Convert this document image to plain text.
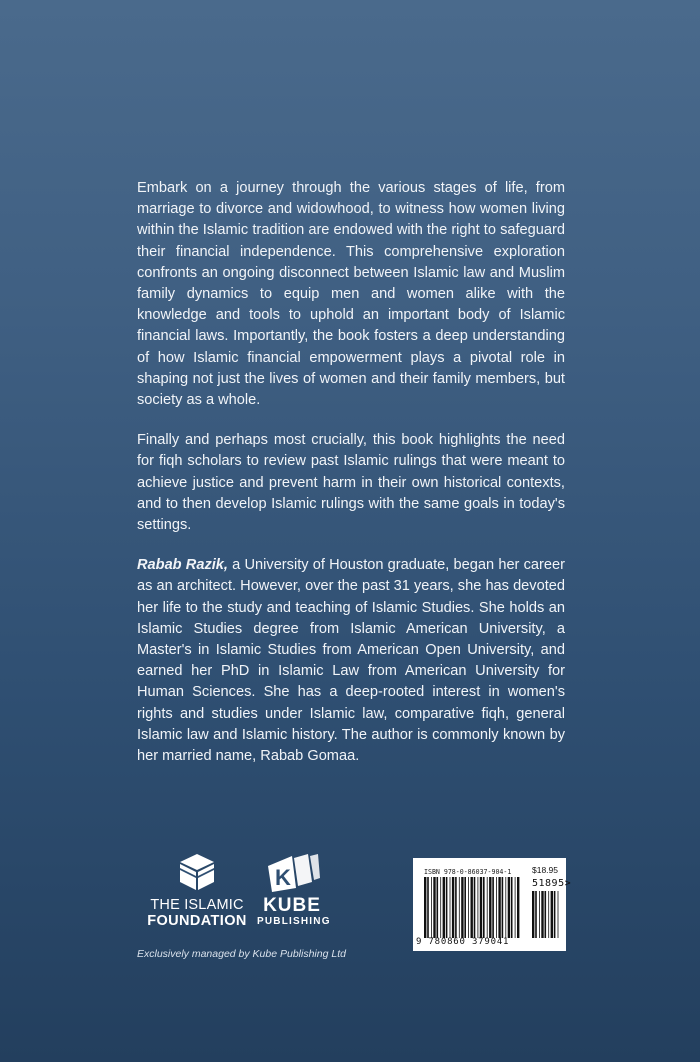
Embark on a journey through the various stages of life, from marriage to divorce and widowhood, to witness how women living within the Islamic tradition are endowed with the right to safeguard their financial independence. This comprehensive exploration confronts an ongoing disconnect between Islamic law and Muslim family dynamics to equip men and women alike with the knowledge and tools to uphold an important body of Islamic financial laws. Importantly, the book fosters a deep understanding of how Islamic financial empowerment plays a pivotal role in shaping not just the lives of women and their family members, but society as a whole.

Finally and perhaps most crucially, this book highlights the need for fiqh scholars to review past Islamic rulings that were meant to achieve justice and prevent harm in their own historical contexts, and to then develop Islamic rulings with the same goals in today's settings.

Rabab Razik, a University of Houston graduate, began her career as an architect. However, over the past 31 years, she has devoted her life to the study and teaching of Islamic Studies. She holds an Islamic Studies degree from Islamic American University, a Master's in Islamic Studies from American Open University, and earned her PhD in Islamic Law from American University for Human Sciences. She has a deep-rooted interest in women's rights and studies under Islamic law, comparative fiqh, general Islamic law and Islamic history. The author is commonly known by her married name, Rabab Gomaa.

THE ISLAMIC
FOUNDATION
K
KUBE
PUBLISHING
Exclusively managed by Kube Publishing Ltd
ISBN 978-0-86037-904-1 $18.95
51895>
9 780860 379041
